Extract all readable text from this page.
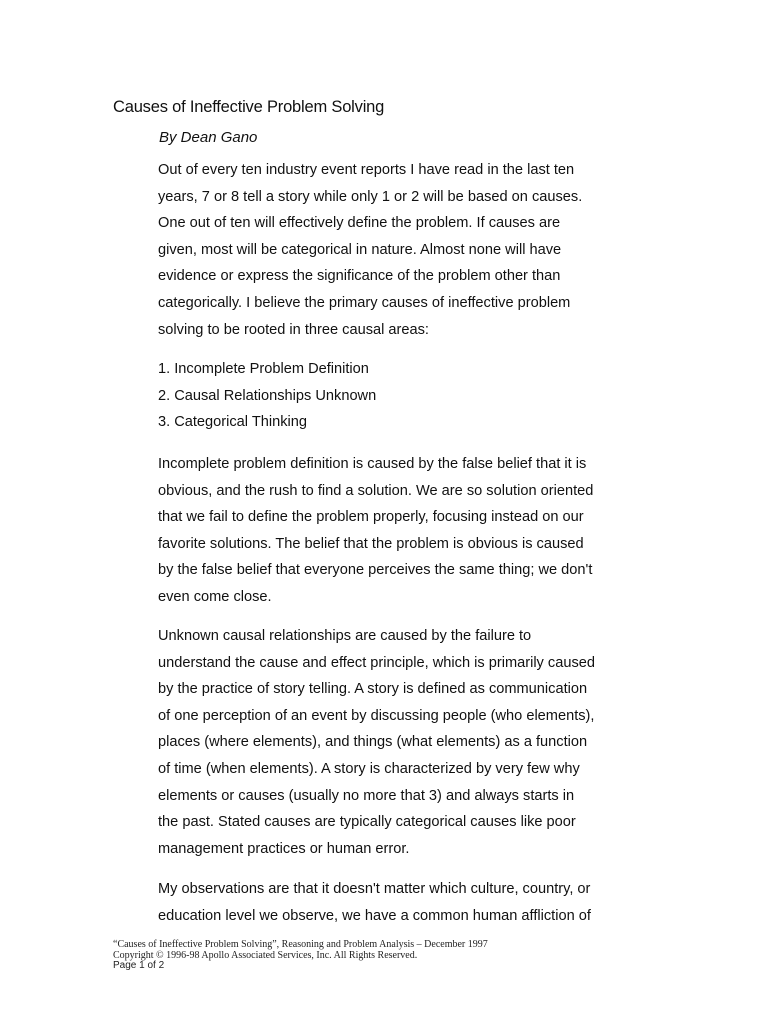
Causes of Ineffective Problem Solving
By Dean Gano
Out of every ten industry event reports I have read in the last ten
years, 7 or 8 tell a story while only 1 or 2 will be based on causes.
One out of ten will effectively define the problem. If causes are
given, most will be categorical in nature. Almost none will have
evidence or express the significance of the problem other than
categorically. I believe the primary causes of ineffective problem
solving to be rooted in three causal areas:
1. Incomplete Problem Definition
2. Causal Relationships Unknown
3. Categorical Thinking
Incomplete problem definition is caused by the false belief that it is
obvious, and the rush to find a solution. We are so solution oriented
that we fail to define the problem properly, focusing instead on our
favorite solutions. The belief that the problem is obvious is caused
by the false belief that everyone perceives the same thing; we don't
even come close.
Unknown causal relationships are caused by the failure to
understand the cause and effect principle, which is primarily caused
by the practice of story telling. A story is defined as communication
of one perception of an event by discussing people (who elements),
places (where elements), and things (what elements) as a function
of time (when elements). A story is characterized by very few why
elements or causes (usually no more that 3) and always starts in
the past. Stated causes are typically categorical causes like poor
management practices or human error.
My observations are that it doesn't matter which culture, country, or
education level we observe, we have a common human affliction of
“Causes of Ineffective Problem Solving”, Reasoning and Problem Analysis – December 1997
Copyright © 1996-98 Apollo Associated Services, Inc. All Rights Reserved.
Page 1 of 2
